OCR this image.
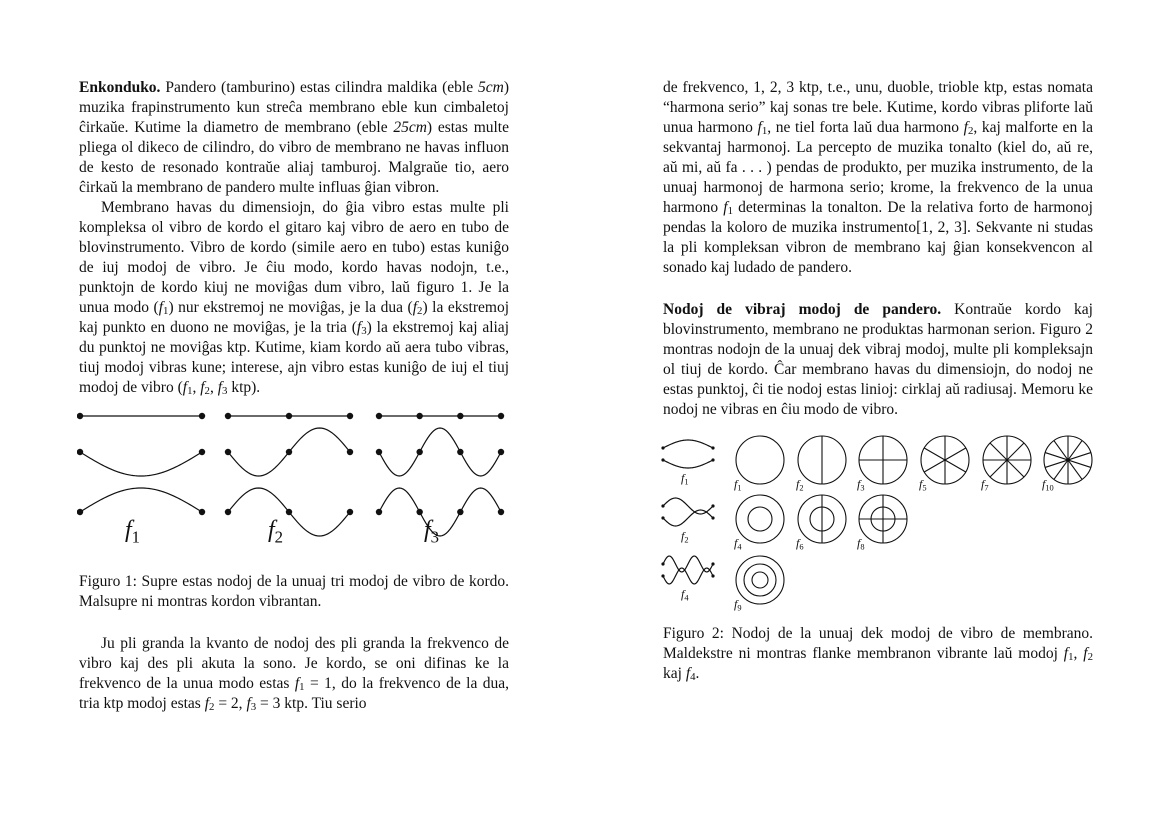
Enkonduko. Pandero (tamburino) estas cilindra maldika (eble 5cm) muzika frapinstrumento kun streĉa membrano eble kun cimbaletoj ĉirkaŭe. Kutime la diametro de membrano (eble 25cm) estas multe pliega ol dikeco de cilindro, do vibro de membrano ne havas influon de kesto de resonado kontraŭe aliaj tamburoj. Malgraŭe tio, aero ĉirkaŭ la membrano de pandero multe influas ĝian vibron.

Membrano havas du dimensiojn, do ĝia vibro estas multe pli kompleksa ol vibro de kordo el gitaro kaj vibro de aero en tubo de blovinstrumento. Vibro de kordo (simile aero en tubo) estas kuniĝo de iuj modoj de vibro. Je ĉiu modo, kordo havas nodojn, t.e., punktojn de kordo kiuj ne moviĝas dum vibro, laŭ figuro 1. Je la unua modo $(f_1)$ nur ekstremoj ne moviĝas, je la dua $(f_2)$ la ekstremoj kaj punkto en duono ne moviĝas, je la tria $(f_3)$ la ekstremoj kaj aliaj du punktoj ne moviĝas ktp. Kutime, kiam kordo aŭ aera tubo vibras, tiuj modoj vibras kune; interese, ajn vibro estas kuniĝo de iuj el tiuj modoj de vibro ($f_1$, $f_2$, $f_3$ ktp).

$f_1$	$f_2$	$f_3$

Figuro 1: Supre estas nodoj de la unuaj tri modoj de vibro de kordo. Malsupre ni montras kordon vibrantan.

Ju pli granda la kvanto de nodoj des pli granda la frekvenco de vibro kaj des pli akuta la sono. Je kordo, se oni difinas ke la frekvenco de la unua modo estas $f_1 = 1$, do la frekvenco de la dua, tria ktp modoj estas $f_2 = 2$, $f_3 = 3$ ktp. Tiu serio

de frekvenco, 1, 2, 3 ktp, t.e., unu, duoble, trioble ktp, estas nomata “harmona serio” kaj sonas tre bele. Kutime, kordo vibras pliforte laŭ unua harmono $f_1$, ne tiel forta laŭ dua harmono $f_2$, kaj malforte en la sekvantaj harmonoj. La percepto de muzika tonalto (kiel do, aŭ re, aŭ mi, aŭ fa . . . ) pendas de produkto, per muzika instrumento, de la unuaj harmonoj de harmona serio; krome, la frekvenco de la unua harmono $f_1$ determinas la tonalton. De la relativa forto de harmonoj pendas la koloro de muzika instrumento[1, 2, 3]. Sekvante ni studas la pli kompleksan vibron de membrano kaj ĝian konsekvencon al sonado kaj ludado de pandero.

Nodoj de vibraj modoj de pandero. Kontraŭe kordo kaj blovinstrumento, membrano ne produktas harmonan serion. Figuro 2 montras nodojn de la unuaj dek vibraj modoj, multe pli kompleksajn ol tiuj de kordo. Ĉar membrano havas du dimensiojn, do nodoj ne estas punktoj, ĉi tie nodoj estas linioj: cirklaj aŭ radiusaj. Memoru ke nodoj ne vibras en ĉiu modo de vibro.

$f_1$
$f_2$
$f_4$
$f_1$	$f_2$	$f_3$	$f_5$	$f_7$	$f_{10}$
$f_4$	$f_6$	$f_8$
$f_9$

Figuro 2: Nodoj de la unuaj dek modoj de vibro de membrano. Maldekstre ni montras flanke membranon vibrante laŭ modoj $f_1$, $f_2$ kaj $f_4$.
